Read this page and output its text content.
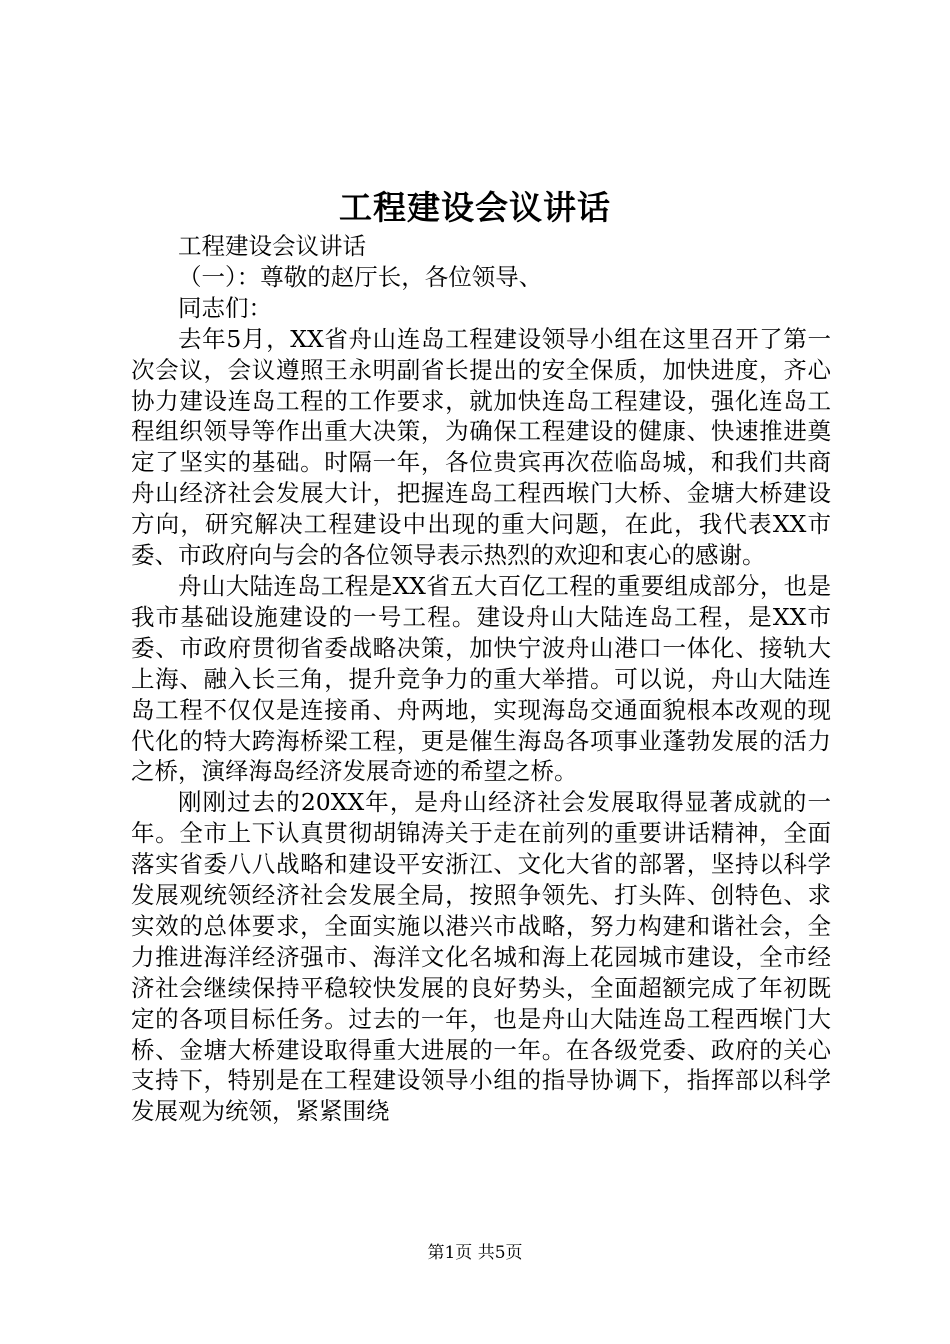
工程建设会议讲话

工程建设会议讲话

（一）：尊敬的赵厅长，各位领导、

同志们：

去年5月，XX省舟山连岛工程建设领导小组在这里召开了第一次会议，会议遵照王永明副省长提出的安全保质，加快进度，齐心协力建设连岛工程的工作要求，就加快连岛工程建设，强化连岛工程组织领导等作出重大决策，为确保工程建设的健康、快速推进奠定了坚实的基础。时隔一年，各位贵宾再次莅临岛城，和我们共商舟山经济社会发展大计，把握连岛工程西堠门大桥、金塘大桥建设方向，研究解决工程建设中出现的重大问题，在此，我代表XX市委、市政府向与会的各位领导表示热烈的欢迎和衷心的感谢。

舟山大陆连岛工程是XX省五大百亿工程的重要组成部分，也是我市基础设施建设的一号工程。建设舟山大陆连岛工程，是XX市委、市政府贯彻省委战略决策，加快宁波舟山港口一体化、接轨大上海、融入长三角，提升竞争力的重大举措。可以说，舟山大陆连岛工程不仅仅是连接甬、舟两地，实现海岛交通面貌根本改观的现代化的特大跨海桥梁工程，更是催生海岛各项事业蓬勃发展的活力之桥，演绎海岛经济发展奇迹的希望之桥。

刚刚过去的20XX年，是舟山经济社会发展取得显著成就的一年。全市上下认真贯彻胡锦涛关于走在前列的重要讲话精神，全面落实省委八八战略和建设平安浙江、文化大省的部署，坚持以科学发展观统领经济社会发展全局，按照争领先、打头阵、创特色、求实效的总体要求，全面实施以港兴市战略，努力构建和谐社会，全力推进海洋经济强市、海洋文化名城和海上花园城市建设，全市经济社会继续保持平稳较快发展的良好势头，全面超额完成了年初既定的各项目标任务。过去的一年，也是舟山大陆连岛工程西堠门大桥、金塘大桥建设取得重大进展的一年。在各级党委、政府的关心支持下，特别是在工程建设领导小组的指导协调下，指挥部以科学发展观为统领，紧紧围绕

第1页 共5页
